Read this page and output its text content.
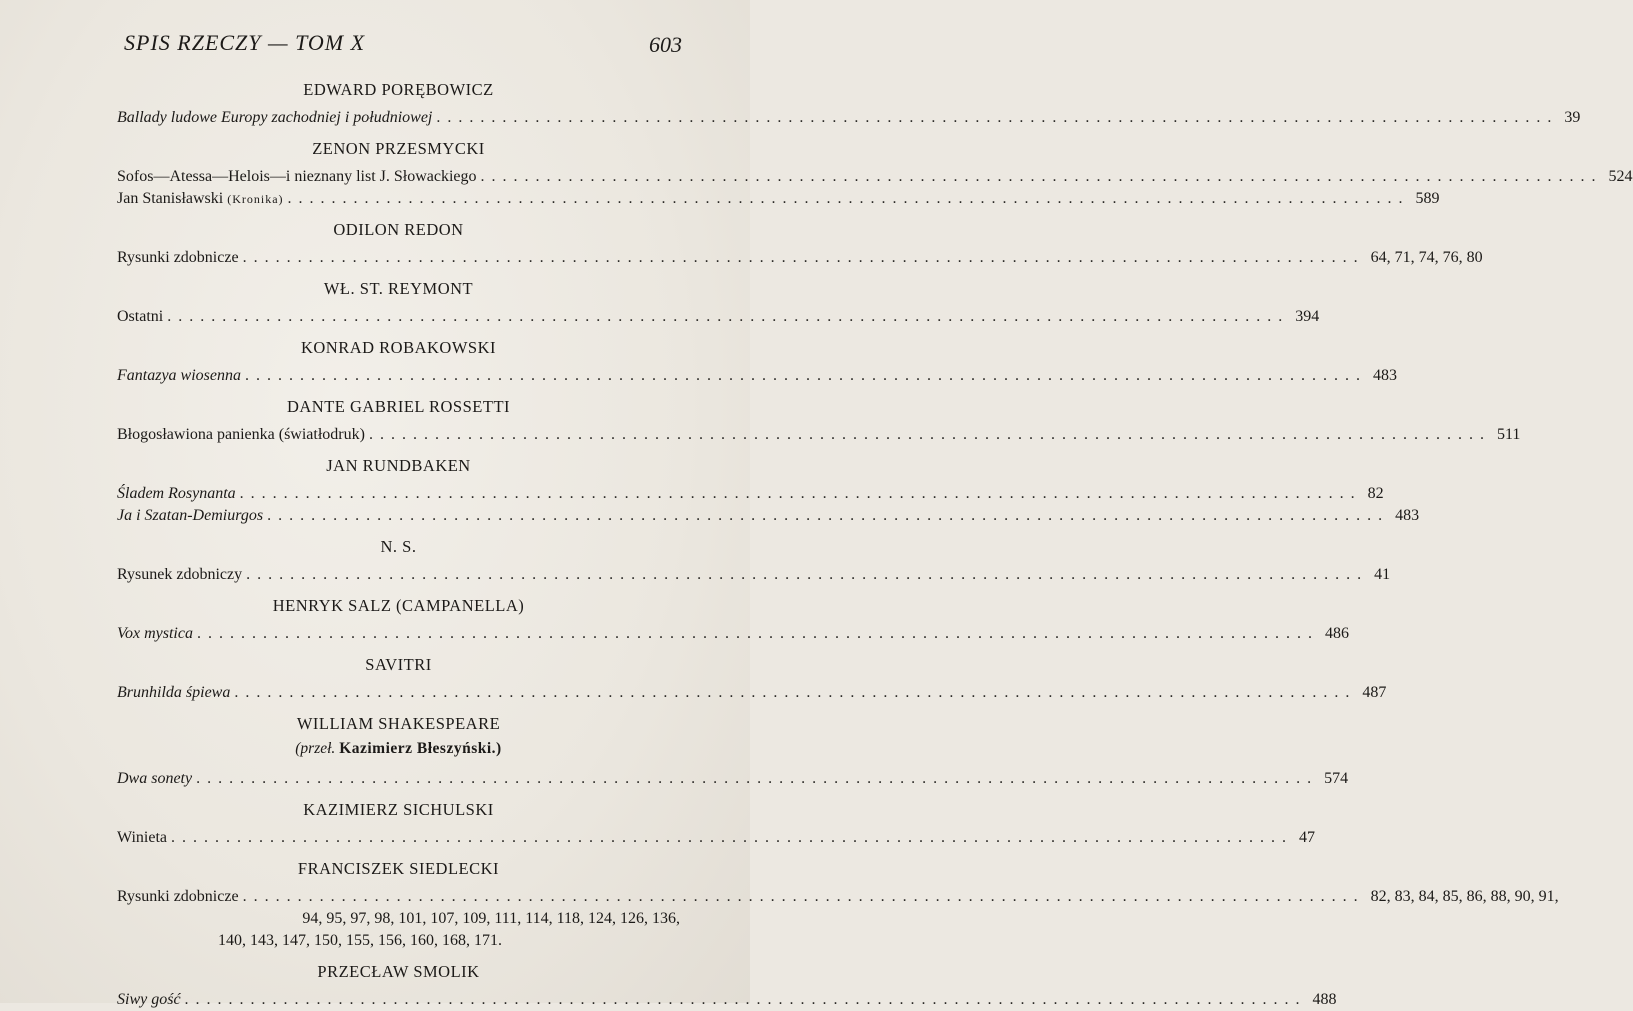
SPIS RZECZY — TOM X	603
EDWARD PORĘBOWICZ
Ballady ludowe Europy zachodniej i południowej ...................................................................................................... 39
ZENON PRZESMYCKI
Sofos—Atessa—Helois—i nieznany list J. Słowackiego ...................................................................................................... 524
Jan Stanisławski (Kronika) ...................................................................................................... 589
ODILON REDON
Rysunki zdobnicze ...................................................................................................... 64, 71, 74, 76, 80
WŁ. ST. REYMONT
Ostatni ...................................................................................................... 394
KONRAD ROBAKOWSKI
Fantazya wiosenna ...................................................................................................... 483
DANTE GABRIEL ROSSETTI
Błogosławiona panienka (światłodruk) ...................................................................................................... 511
JAN RUNDBAKEN
Śladem Rosynanta ...................................................................................................... 82
Ja i Szatan-Demiurgos ...................................................................................................... 483
N. S.
Rysunek zdobniczy ...................................................................................................... 41
HENRYK SALZ (CAMPANELLA)
Vox mystica ...................................................................................................... 486
SAVITRI
Brunhilda śpiewa ...................................................................................................... 487
WILLIAM SHAKESPEARE
(przeł. Kazimierz Błeszyński.)
Dwa sonety ...................................................................................................... 574
KAZIMIERZ SICHULSKI
Winieta ...................................................................................................... 47
FRANCISZEK SIEDLECKI
Rysunki zdobnicze ...................................................................................................... 82, 83, 84, 85, 86, 88, 90, 91,
94, 95, 97, 98, 101, 107, 109, 111, 114, 118, 124, 126, 136,
140, 143, 147, 150, 155, 156, 160, 168, 171.
PRZECŁAW SMOLIK
Siwy gość ...................................................................................................... 488
